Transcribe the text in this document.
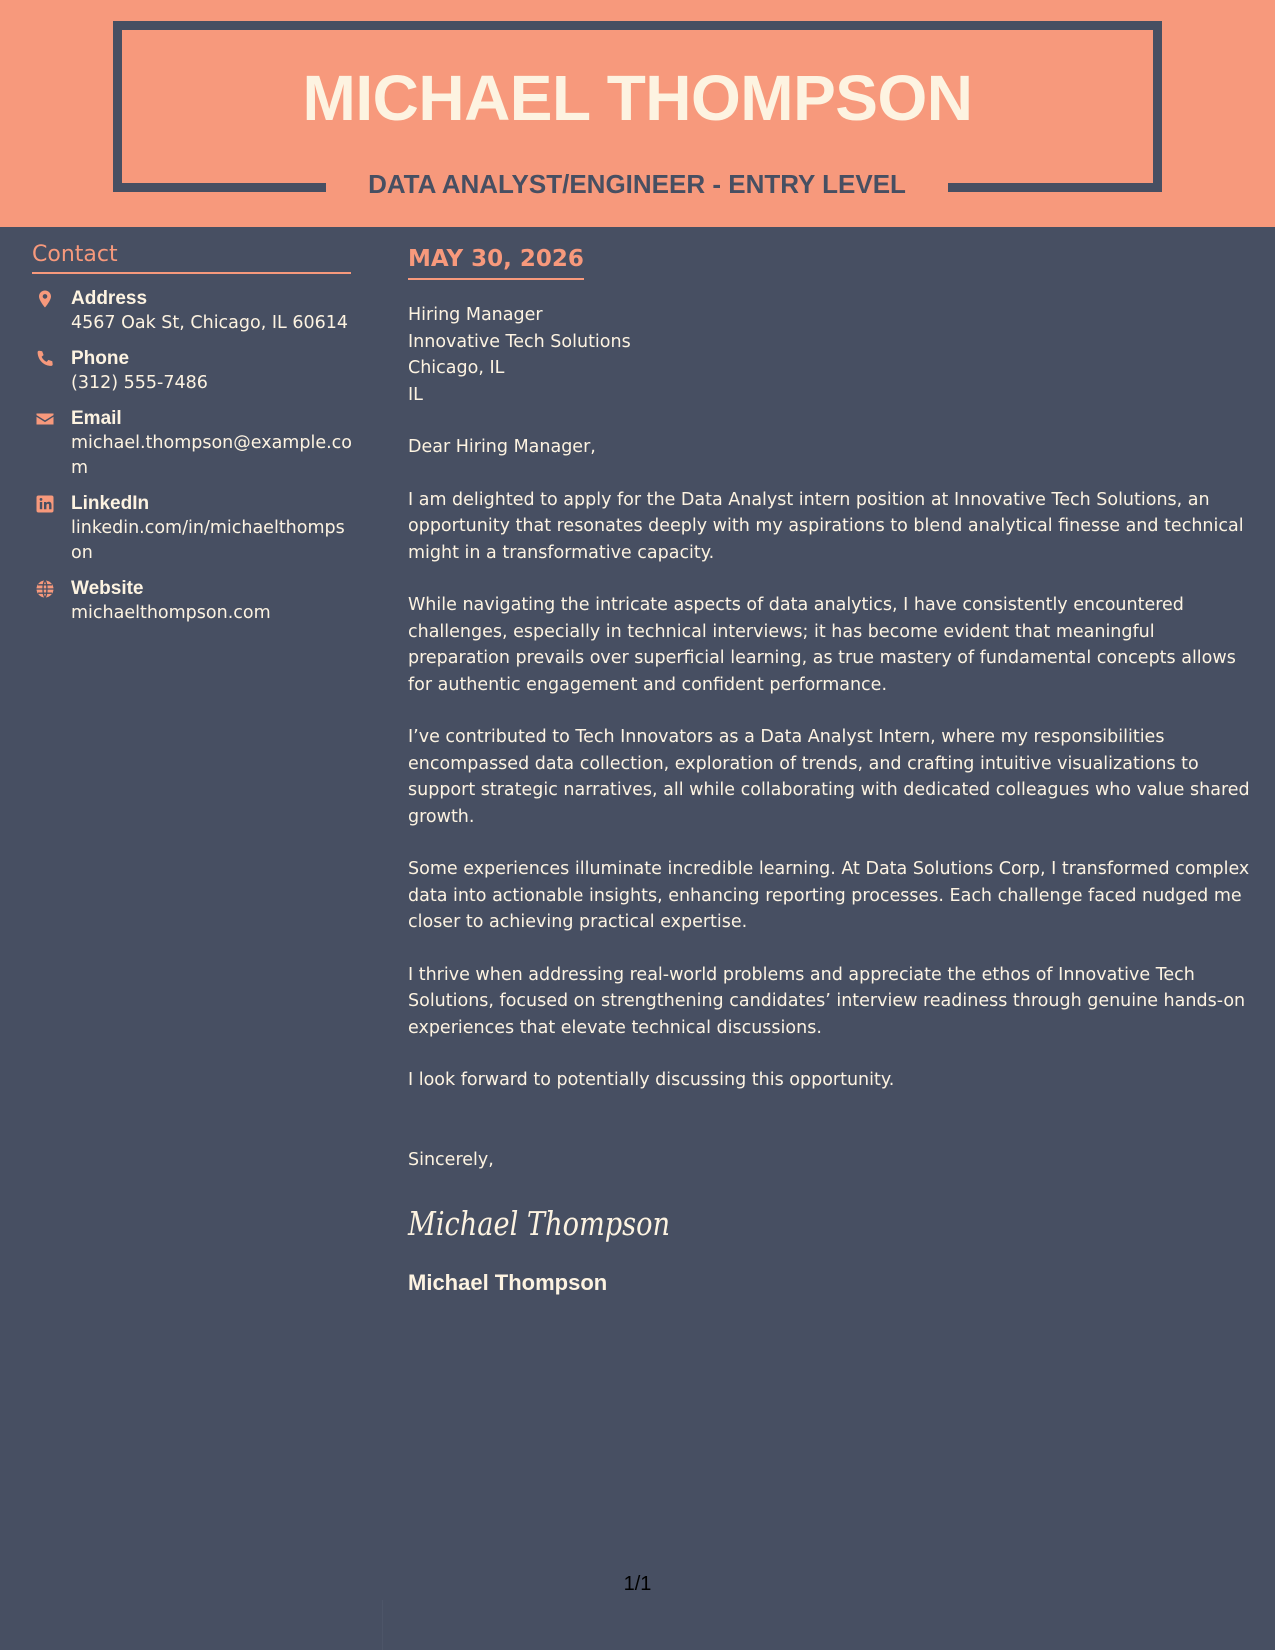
MICHAEL THOMPSON
DATA ANALYST/ENGINEER - ENTRY LEVEL
Contact
Address
4567 Oak St, Chicago, IL 60614
Phone
(312) 555-7486
Email
michael.thompson@example.com
LinkedIn
linkedin.com/in/michaelthompson
Website
michaelthompson.com
MAY 30, 2026
Hiring Manager
Innovative Tech Solutions
Chicago, IL
IL

Dear Hiring Manager,

I am delighted to apply for the Data Analyst intern position at Innovative Tech Solutions, an opportunity that resonates deeply with my aspirations to blend analytical finesse and technical might in a transformative capacity.

While navigating the intricate aspects of data analytics, I have consistently encountered challenges, especially in technical interviews; it has become evident that meaningful preparation prevails over superficial learning, as true mastery of fundamental concepts allows for authentic engagement and confident performance.

I’ve contributed to Tech Innovators as a Data Analyst Intern, where my responsibilities encompassed data collection, exploration of trends, and crafting intuitive visualizations to support strategic narratives, all while collaborating with dedicated colleagues who value shared growth.

Some experiences illuminate incredible learning. At Data Solutions Corp, I transformed complex data into actionable insights, enhancing reporting processes. Each challenge faced nudged me closer to achieving practical expertise.

I thrive when addressing real-world problems and appreciate the ethos of Innovative Tech Solutions, focused on strengthening candidates’ interview readiness through genuine hands-on experiences that elevate technical discussions.

I look forward to potentially discussing this opportunity.

Sincerely,

Michael Thompson

Michael Thompson

1/1
